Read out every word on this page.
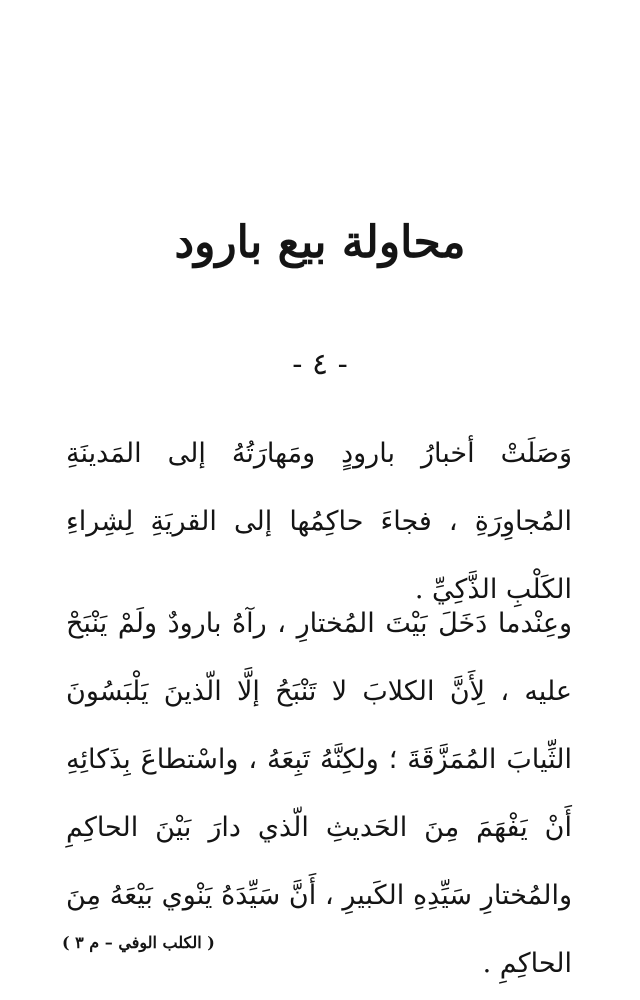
محاولة بيع بارود
- ٤ -

وَصَلَتْ أخبارُ بارودٍ ومَهارَتُهُ إلى المَدينَةِ المُجاوِرَةِ ، فجاءَ حاكِمُها إلى القريَةِ لِشِراءِ الكَلْبِ الذَّكِيِّ .

وعِنْدما دَخَلَ بَيْتَ المُختارِ ، رآهُ بارودٌ ولَمْ يَنْبَحْ عليه ، لِأَنَّ الكلابَ لا تَنْبَحُ إلَّا الّذينَ يَلْبَسُونَ الثِّيابَ المُمَزَّقَةَ ؛ ولكِنَّهُ تَبِعَهُ ، واسْتطاعَ بِذَكائِهِ أَنْ يَفْهَمَ مِنَ الحَديثِ الّذي دارَ بَيْنَ الحاكِمِ والمُختارِ سَيِّدِهِ الكَبيرِ ، أَنَّ سَيِّدَهُ يَنْوي بَيْعَهُ مِنَ الحاكِمِ .

( الكلب الوفي – م ٣ )
